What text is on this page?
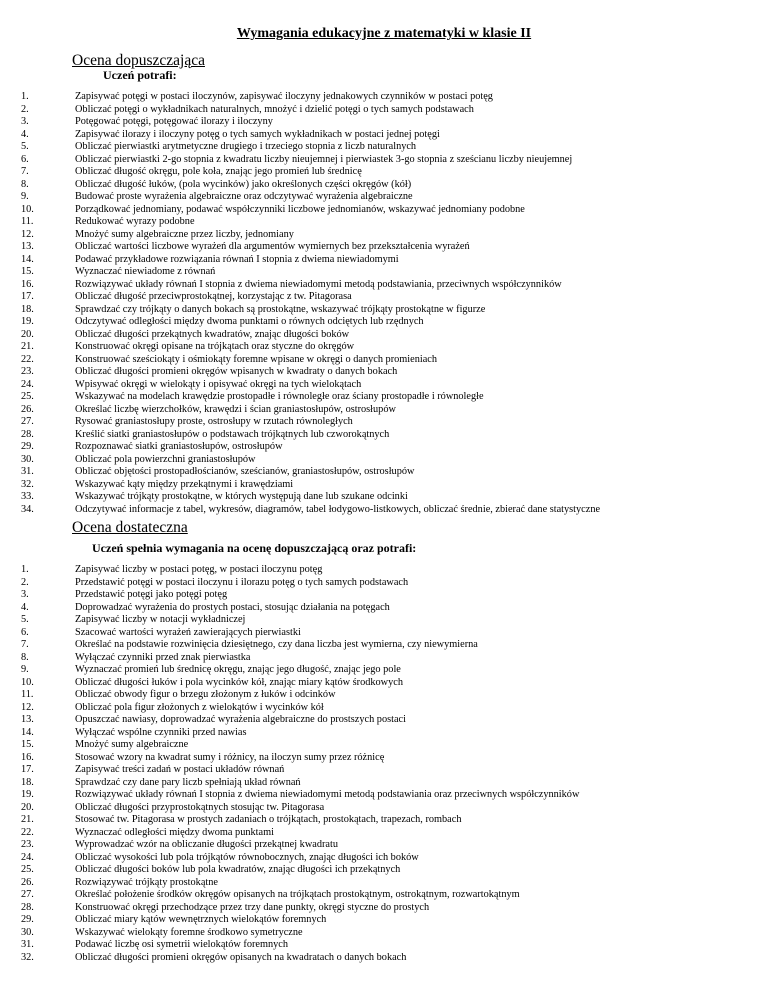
Wymagania edukacyjne z matematyki w klasie II
Ocena dopuszczająca
Uczeń potrafi:
1.	Zapisywać potęgi w postaci iloczynów, zapisywać iloczyny jednakowych czynników w postaci potęg
2.	Obliczać potęgi o wykładnikach naturalnych, mnożyć i dzielić potęgi o tych samych podstawach
3.	Potęgować potęgi, potęgować ilorazy i iloczyny
4.	Zapisywać ilorazy i iloczyny potęg o tych samych wykładnikach w postaci jednej potęgi
5.	Obliczać pierwiastki arytmetyczne drugiego i trzeciego stopnia z liczb naturalnych
6.	Obliczać pierwiastki 2-go stopnia z kwadratu liczby nieujemnej i pierwiastek 3-go stopnia z sześcianu liczby nieujemnej
7.	Obliczać długość okręgu, pole koła, znając jego promień lub średnicę
8.	Obliczać długość łuków, (pola wycinków) jako określonych części okręgów (kół)
9.	Budować proste wyrażenia algebraiczne oraz odczytywać wyrażenia algebraiczne
10.	Porządkować jednomiany, podawać współczynniki liczbowe jednomianów, wskazywać jednomiany podobne
11.	Redukować wyrazy podobne
12.	Mnożyć sumy algebraiczne przez liczby, jednomiany
13.	Obliczać wartości liczbowe wyrażeń dla argumentów wymiernych bez przekształcenia wyrażeń
14.	Podawać przykładowe rozwiązania równań I stopnia z dwiema niewiadomymi
15.	Wyznaczać niewiadome z równań
16.	Rozwiązywać układy równań I stopnia z dwiema niewiadomymi metodą podstawiania, przeciwnych współczynników
17.	Obliczać długość przeciwprostokątnej, korzystając z tw. Pitagorasa
18.	Sprawdzać czy trójkąty o danych bokach są prostokątne, wskazywać trójkąty prostokątne w figurze
19.	Odczytywać odległości między dwoma punktami o równych odciętych lub rzędnych
20.	Obliczać długości przekątnych kwadratów, znając długości boków
21.	Konstruować okręgi opisane na trójkątach oraz styczne do okręgów
22.	Konstruować sześciokąty i ośmiokąty foremne wpisane w okręgi o danych promieniach
23.	Obliczać długości promieni okręgów wpisanych w kwadraty o danych bokach
24.	Wpisywać okręgi w wielokąty i opisywać okręgi na tych wielokątach
25.	Wskazywać na modelach krawędzie prostopadłe i równoległe oraz ściany prostopadłe i równoległe
26.	Określać liczbę wierzchołków, krawędzi i ścian graniastosłupów, ostrosłupów
27.	Rysować graniastosłupy proste, ostrosłupy w rzutach równoległych
28.	Kreślić siatki graniastosłupów o podstawach trójkątnych lub czworokątnych
29.	Rozpoznawać siatki graniastosłupów, ostrosłupów
30.	Obliczać pola powierzchni graniastosłupów
31.	Obliczać objętości prostopadłościanów, sześcianów, graniastosłupów, ostrosłupów
32.	Wskazywać kąty między przekątnymi i krawędziami
33.	Wskazywać trójkąty prostokątne, w których występują dane lub szukane odcinki
34.	Odczytywać informacje z tabel, wykresów, diagramów, tabel łodygowo-listkowych, obliczać średnie, zbierać dane statystyczne
Ocena dostateczna
Uczeń spełnia wymagania na ocenę dopuszczającą oraz potrafi:
1.	Zapisywać liczby w postaci potęg, w postaci iloczynu potęg
2.	Przedstawić potęgi w postaci iloczynu i ilorazu potęg o tych samych podstawach
3.	Przedstawić potęgi jako potęgi potęg
4.	Doprowadzać wyrażenia do prostych postaci, stosując działania na potęgach
5.	Zapisywać liczby w notacji wykładniczej
6.	Szacować wartości wyrażeń zawierających pierwiastki
7.	Określać na podstawie rozwinięcia dziesiętnego, czy dana liczba jest wymierna, czy niewymierna
8.	Wyłączać czynniki przed znak pierwiastka
9.	Wyznaczać promień lub średnicę okręgu, znając jego długość, znając jego pole
10.	Obliczać długości łuków i pola wycinków kół, znając miary kątów środkowych
11.	Obliczać obwody figur o brzegu złożonym z łuków i odcinków
12.	Obliczać pola figur złożonych z wielokątów i wycinków kół
13.	Opuszczać nawiasy, doprowadzać wyrażenia algebraiczne do prostszych postaci
14.	Wyłączać wspólne czynniki przed nawias
15.	Mnożyć sumy algebraiczne
16.	Stosować wzory na kwadrat sumy i różnicy, na iloczyn sumy przez różnicę
17.	Zapisywać treści zadań w postaci układów równań
18.	Sprawdzać czy dane pary liczb spełniają układ równań
19.	Rozwiązywać układy równań I stopnia z dwiema niewiadomymi metodą podstawiania oraz przeciwnych współczynników
20.	Obliczać długości przyprostokątnych stosując tw. Pitagorasa
21.	Stosować tw. Pitagorasa w prostych zadaniach o trójkątach, prostokątach, trapezach, rombach
22.	Wyznaczać odległości między dwoma punktami
23.	Wyprowadzać wzór na obliczanie długości przekątnej kwadratu
24.	Obliczać wysokości lub pola trójkątów równobocznych, znając długości ich boków
25.	Obliczać długości boków lub pola kwadratów, znając długości ich przekątnych
26.	Rozwiązywać trójkąty prostokątne
27.	Określać położenie środków okręgów opisanych na trójkątach prostokątnym, ostrokątnym, rozwartokątnym
28.	Konstruować okręgi przechodzące przez trzy dane punkty, okręgi styczne do prostych
29.	Obliczać miary kątów wewnętrznych wielokątów foremnych
30.	Wskazywać wielokąty foremne środkowo symetryczne
31.	Podawać liczbę osi symetrii wielokątów foremnych
32.	Obliczać długości promieni okręgów opisanych na kwadratach o danych bokach
